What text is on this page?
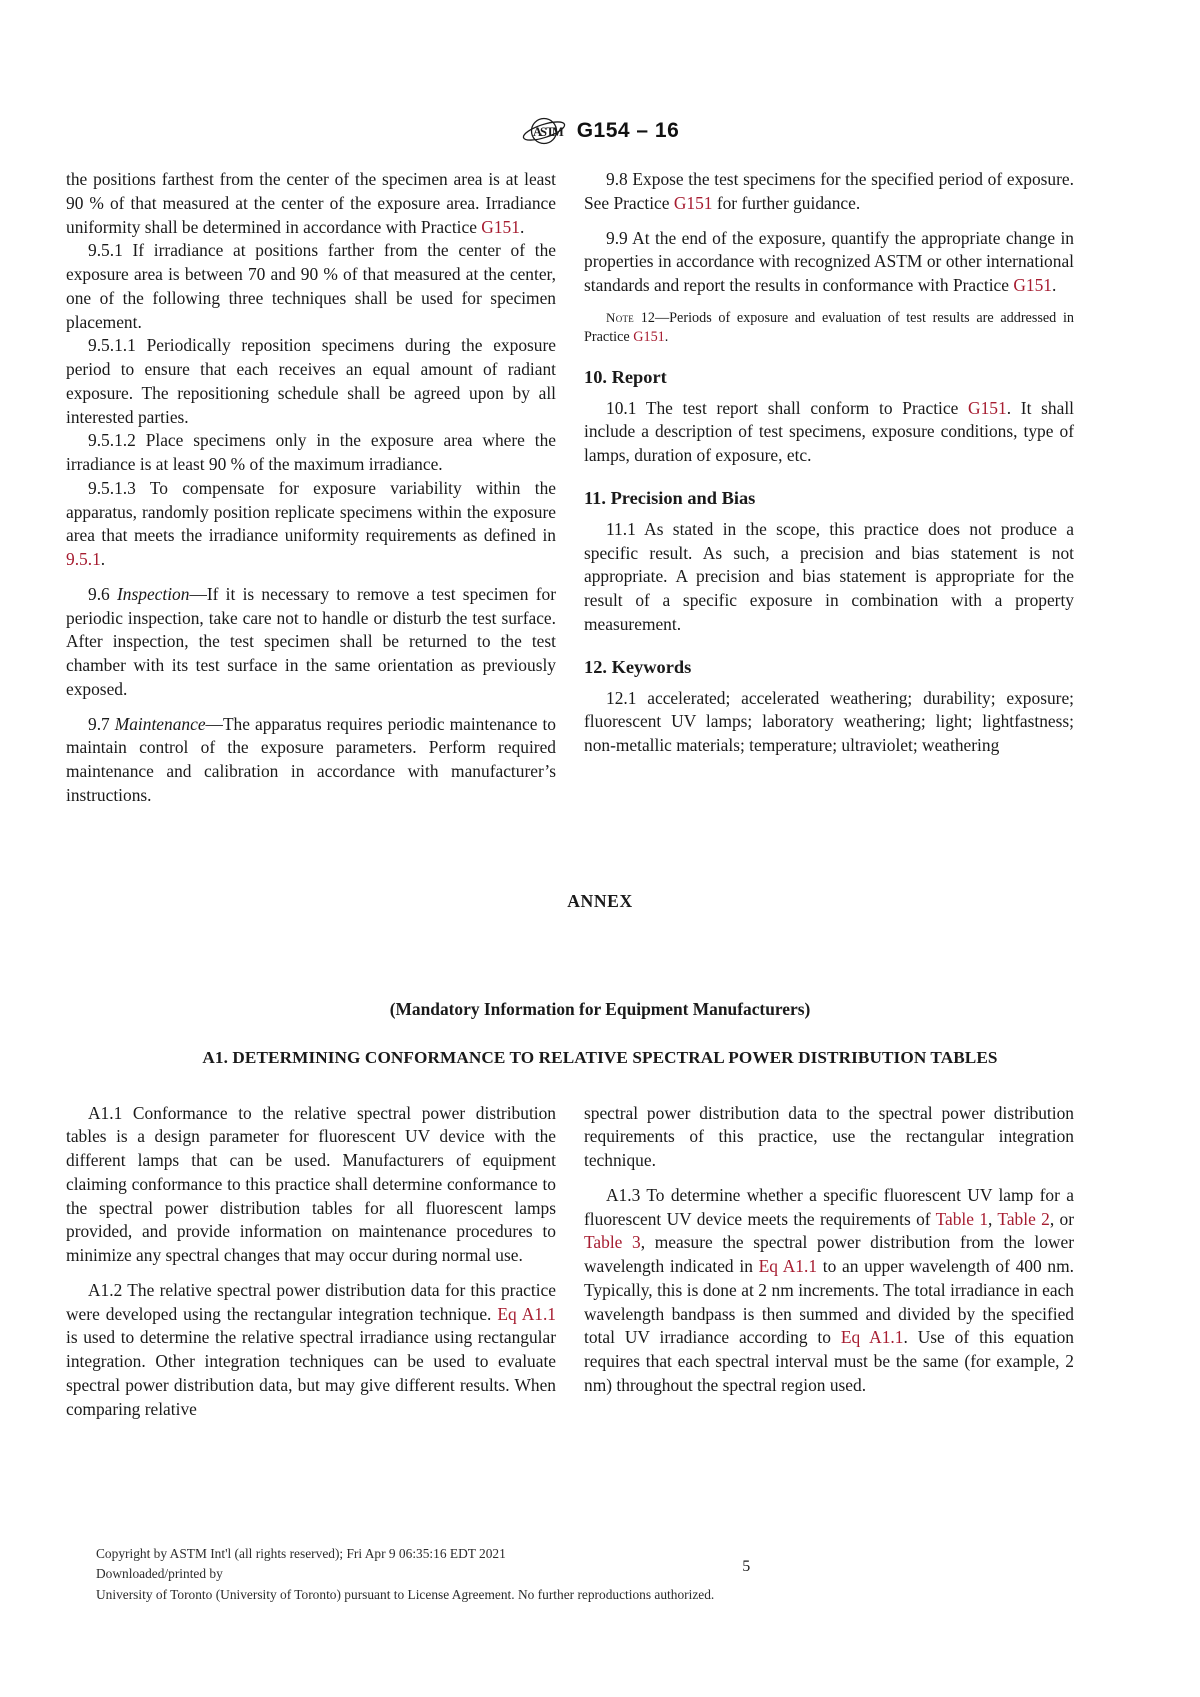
A
S T
M G154 – 16

the positions farthest from the center of the specimen area is at least 90 % of that measured at the center of the exposure area. Irradiance uniformity shall be determined in accordance with Practice G151.

9.5.1 If irradiance at positions farther from the center of the exposure area is between 70 and 90 % of that measured at the center, one of the following three techniques shall be used for specimen placement.

9.5.1.1 Periodically reposition specimens during the exposure period to ensure that each receives an equal amount of radiant exposure. The repositioning schedule shall be agreed upon by all interested parties.

9.5.1.2 Place specimens only in the exposure area where the irradiance is at least 90 % of the maximum irradiance.

9.5.1.3 To compensate for exposure variability within the apparatus, randomly position replicate specimens within the exposure area that meets the irradiance uniformity requirements as defined in 9.5.1.

9.6 Inspection—If it is necessary to remove a test specimen for periodic inspection, take care not to handle or disturb the test surface. After inspection, the test specimen shall be returned to the test chamber with its test surface in the same orientation as previously exposed.

9.7 Maintenance—The apparatus requires periodic maintenance to maintain control of the exposure parameters. Perform required maintenance and calibration in accordance with manufacturer’s instructions.

9.8 Expose the test specimens for the specified period of exposure. See Practice G151 for further guidance.

9.9 At the end of the exposure, quantify the appropriate change in properties in accordance with recognized ASTM or other international standards and report the results in conformance with Practice G151.

Note 12—Periods of exposure and evaluation of test results are addressed in Practice G151.

10. Report

10.1 The test report shall conform to Practice G151. It shall include a description of test specimens, exposure conditions, type of lamps, duration of exposure, etc.

11. Precision and Bias

11.1 As stated in the scope, this practice does not produce a specific result. As such, a precision and bias statement is not appropriate. A precision and bias statement is appropriate for the result of a specific exposure in combination with a property measurement.

12. Keywords

12.1 accelerated; accelerated weathering; durability; exposure; fluorescent UV lamps; laboratory weathering; light; lightfastness; non-metallic materials; temperature; ultraviolet; weathering

ANNEX
(Mandatory Information for Equipment Manufacturers)
A1. DETERMINING CONFORMANCE TO RELATIVE SPECTRAL POWER DISTRIBUTION TABLES

A1.1 Conformance to the relative spectral power distribution tables is a design parameter for fluorescent UV device with the different lamps that can be used. Manufacturers of equipment claiming conformance to this practice shall determine conformance to the spectral power distribution tables for all fluorescent lamps provided, and provide information on maintenance procedures to minimize any spectral changes that may occur during normal use.

A1.2 The relative spectral power distribution data for this practice were developed using the rectangular integration technique. Eq A1.1 is used to determine the relative spectral irradiance using rectangular integration. Other integration techniques can be used to evaluate spectral power distribution data, but may give different results. When comparing relative

spectral power distribution data to the spectral power distribution requirements of this practice, use the rectangular integration technique.

A1.3 To determine whether a specific fluorescent UV lamp for a fluorescent UV device meets the requirements of Table 1, Table 2, or Table 3, measure the spectral power distribution from the lower wavelength indicated in Eq A1.1 to an upper wavelength of 400 nm. Typically, this is done at 2 nm increments. The total irradiance in each wavelength bandpass is then summed and divided by the specified total UV irradiance according to Eq A1.1. Use of this equation requires that each spectral interval must be the same (for example, 2 nm) throughout the spectral region used.

Copyright by ASTM Int'l (all rights reserved); Fri Apr 9 06:35:16 EDT 2021
Downloaded/printed by
University of Toronto (University of Toronto) pursuant to License Agreement. No further reproductions authorized.
5
